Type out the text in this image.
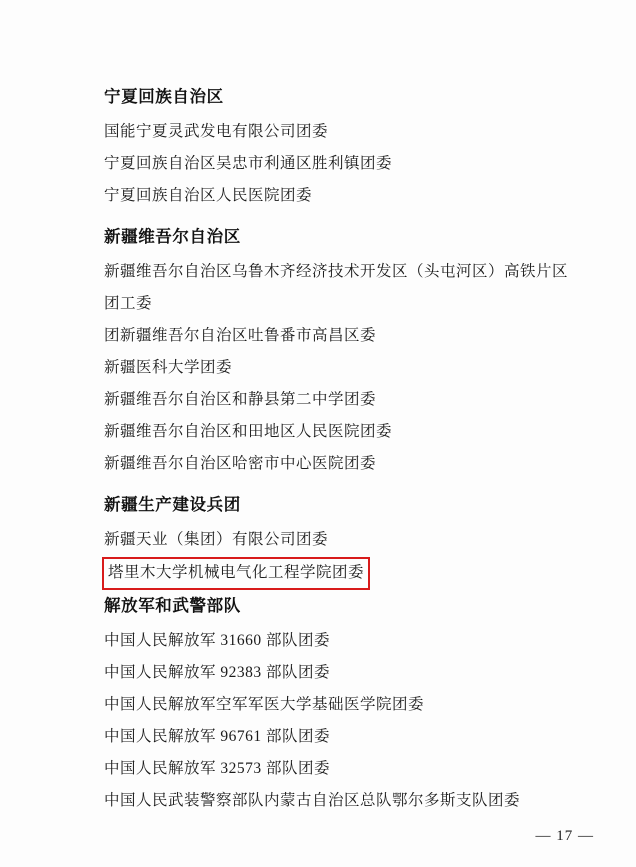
宁夏回族自治区
国能宁夏灵武发电有限公司团委
宁夏回族自治区吴忠市利通区胜利镇团委
宁夏回族自治区人民医院团委
新疆维吾尔自治区
新疆维吾尔自治区乌鲁木齐经济技术开发区（头屯河区）高铁片区团工委
团新疆维吾尔自治区吐鲁番市高昌区委
新疆医科大学团委
新疆维吾尔自治区和静县第二中学团委
新疆维吾尔自治区和田地区人民医院团委
新疆维吾尔自治区哈密市中心医院团委
新疆生产建设兵团
新疆天业（集团）有限公司团委
塔里木大学机械电气化工程学院团委
解放军和武警部队
中国人民解放军 31660 部队团委
中国人民解放军 92383 部队团委
中国人民解放军空军军医大学基础医学院团委
中国人民解放军 96761 部队团委
中国人民解放军 32573 部队团委
中国人民武装警察部队内蒙古自治区总队鄂尔多斯支队团委
— 17 —
